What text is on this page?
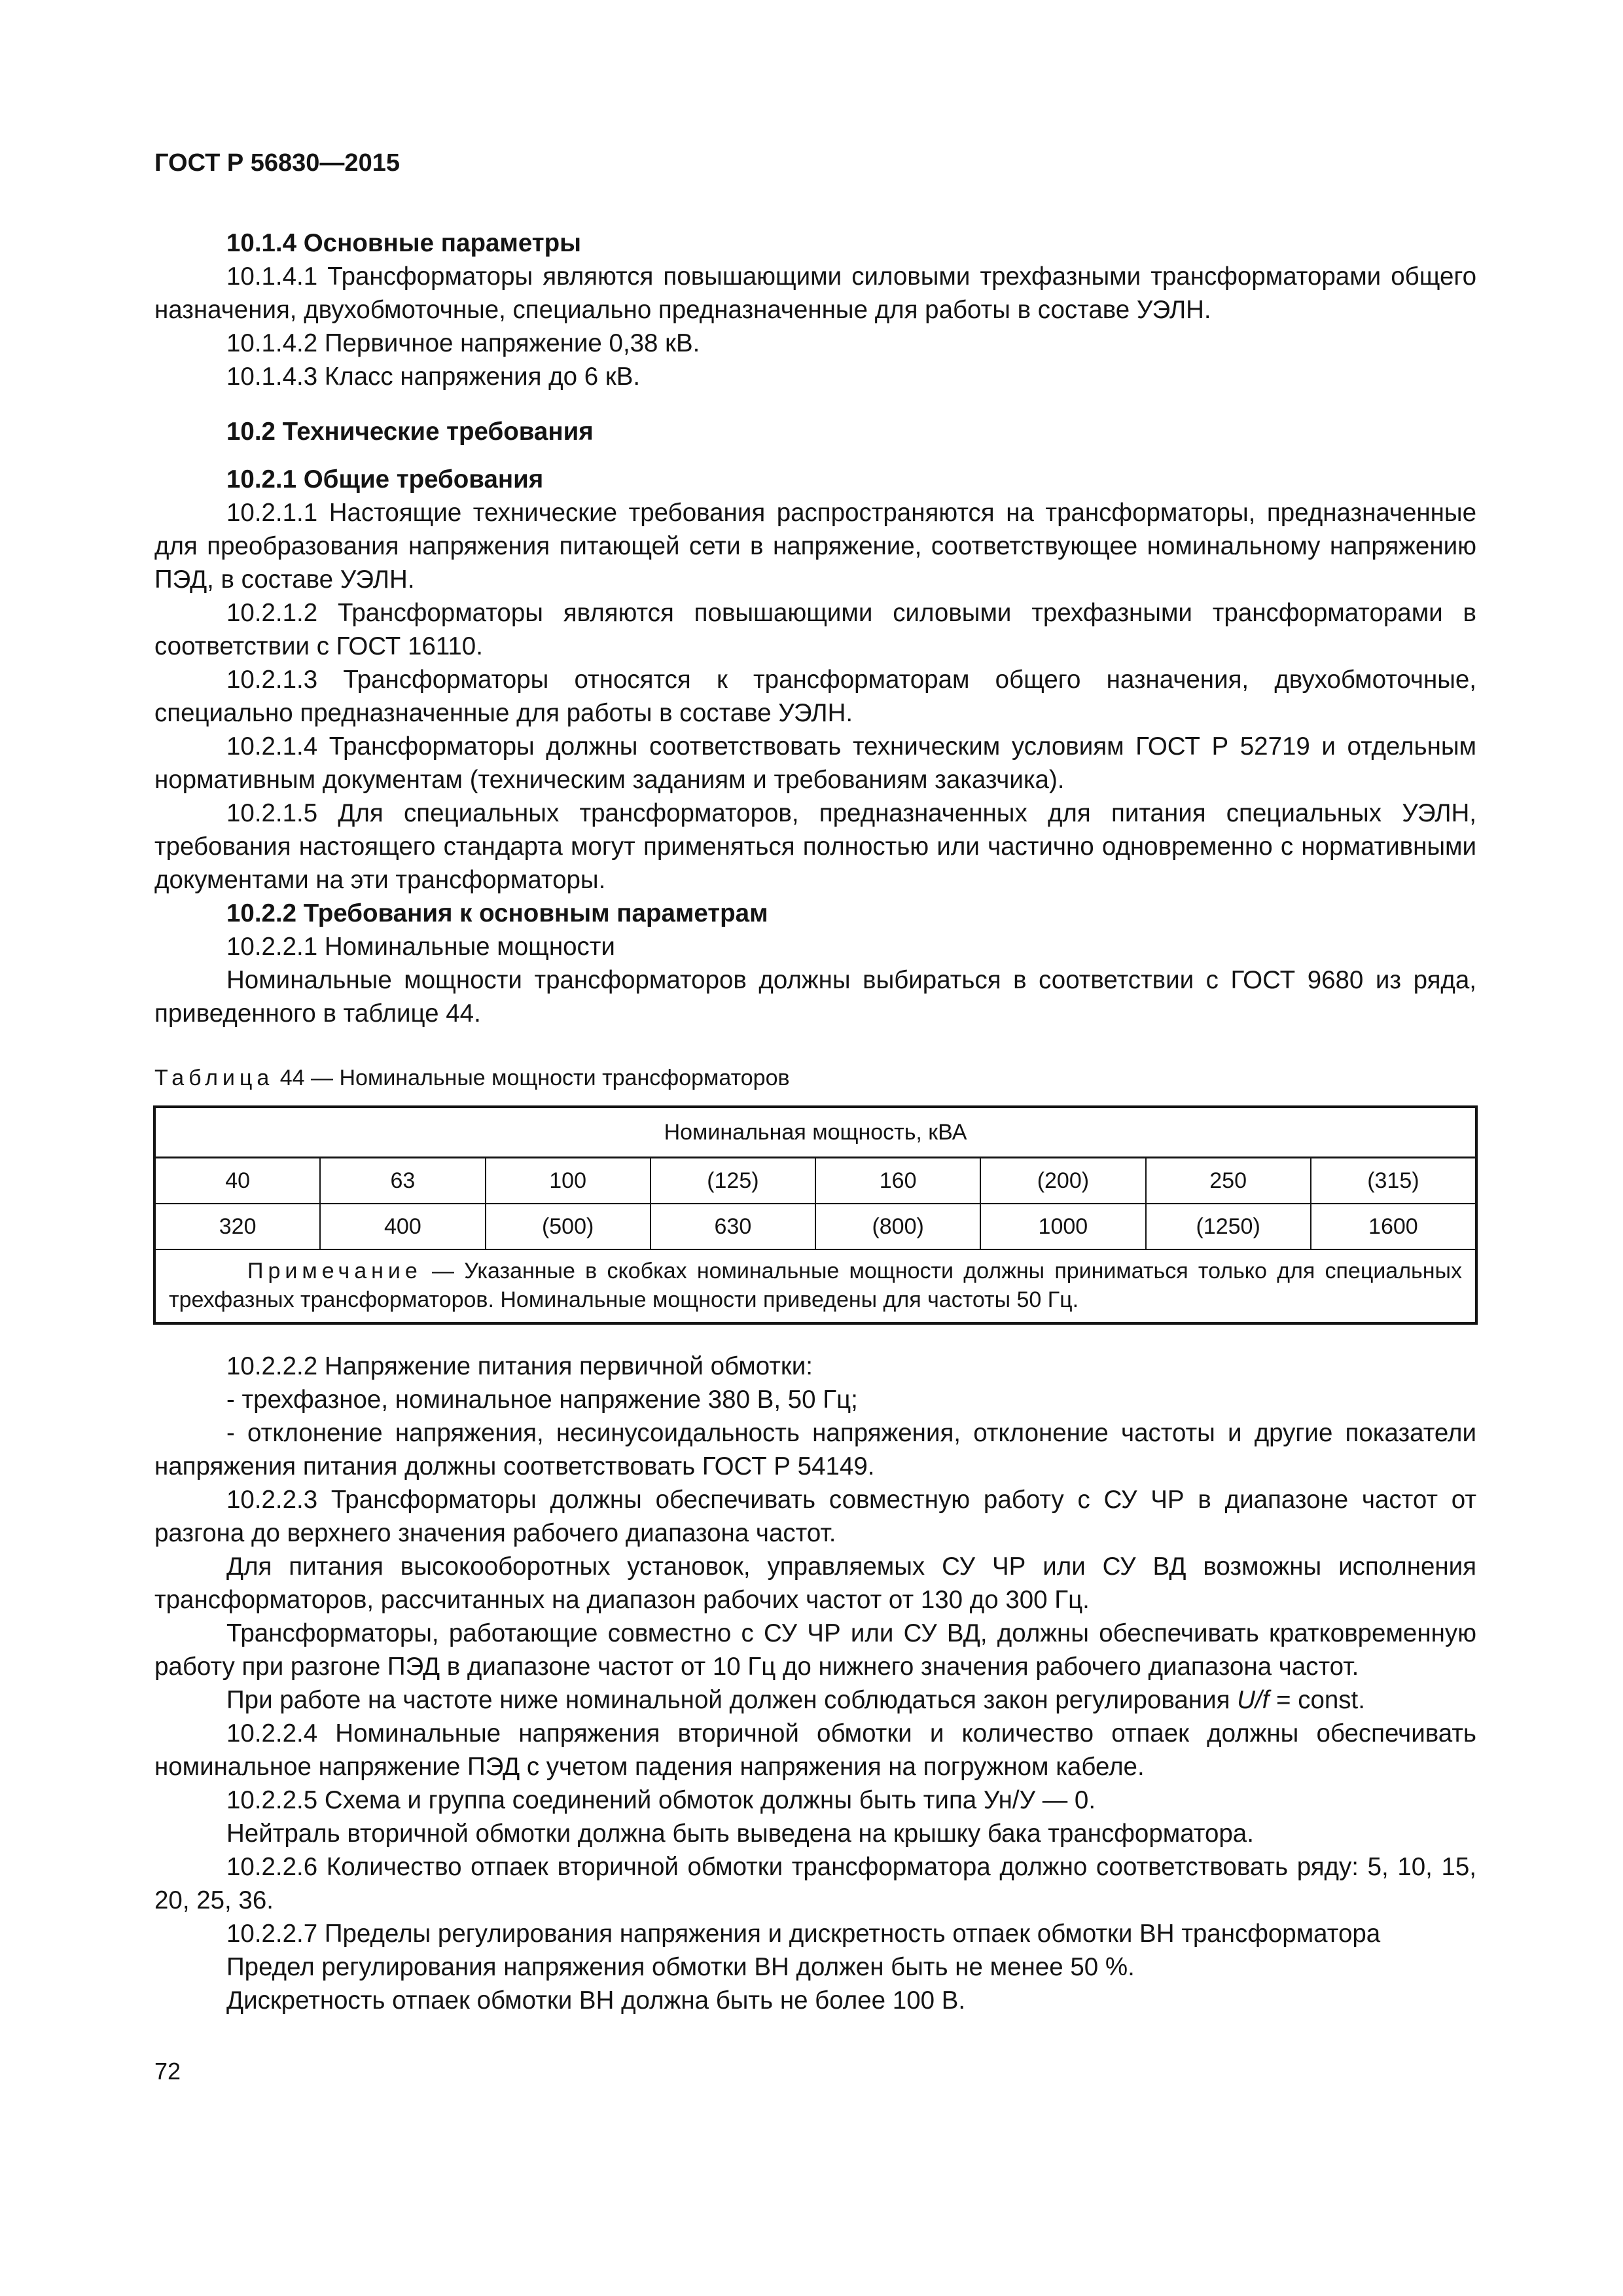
ГОСТ Р 56830—2015

10.1.4 Основные параметры

10.1.4.1 Трансформаторы являются повышающими силовыми трехфазными трансформаторами общего назначения, двухобмоточные, специально предназначенные для работы в составе УЭЛН.

10.1.4.2 Первичное напряжение 0,38 кВ.

10.1.4.3 Класс напряжения до 6 кВ.

10.2 Технические требования

10.2.1 Общие требования

10.2.1.1 Настоящие технические требования распространяются на трансформаторы, предназначенные для преобразования напряжения питающей сети в напряжение, соответствующее номинальному напряжению ПЭД, в составе УЭЛН.

10.2.1.2 Трансформаторы являются повышающими силовыми трехфазными трансформаторами в соответствии с ГОСТ 16110.

10.2.1.3 Трансформаторы относятся к трансформаторам общего назначения, двухобмоточные, специально предназначенные для работы в составе УЭЛН.

10.2.1.4 Трансформаторы должны соответствовать техническим условиям ГОСТ Р 52719 и отдельным нормативным документам (техническим заданиям и требованиям заказчика).

10.2.1.5 Для специальных трансформаторов, предназначенных для питания специальных УЭЛН, требования настоящего стандарта могут применяться полностью или частично одновременно с нормативными документами на эти трансформаторы.

10.2.2 Требования к основным параметрам

10.2.2.1 Номинальные мощности

Номинальные мощности трансформаторов должны выбираться в соответствии с ГОСТ 9680 из ряда, приведенного в таблице 44.

Таблица 44 — Номинальные мощности трансформаторов

Номинальная мощность, кВА							
40	63	100	(125)	160	(200)	250	(315)
320	400	(500)	630	(800)	1000	(1250)	1600
Примечание — Указанные в скобках номинальные мощности должны приниматься только для специальных трехфазных трансформаторов. Номинальные мощности приведены для частоты 50 Гц.							

10.2.2.2 Напряжение питания первичной обмотки:

- трехфазное, номинальное напряжение 380 В, 50 Гц;

- отклонение напряжения, несинусоидальность напряжения, отклонение частоты и другие показатели напряжения питания должны соответствовать ГОСТ Р 54149.

10.2.2.3 Трансформаторы должны обеспечивать совместную работу с СУ ЧР в диапазоне частот от разгона до верхнего значения рабочего диапазона частот.

Для питания высокооборотных установок, управляемых СУ ЧР или СУ ВД возможны исполнения трансформаторов, рассчитанных на диапазон рабочих частот от 130 до 300 Гц.

Трансформаторы, работающие совместно с СУ ЧР или СУ ВД, должны обеспечивать кратковременную работу при разгоне ПЭД в диапазоне частот от 10 Гц до нижнего значения рабочего диапазона частот.

При работе на частоте ниже номинальной должен соблюдаться закон регулирования U/f = const.

10.2.2.4 Номинальные напряжения вторичной обмотки и количество отпаек должны обеспечивать номинальное напряжение ПЭД с учетом падения напряжения на погружном кабеле.

10.2.2.5 Схема и группа соединений обмоток должны быть типа Ун/У — 0.

Нейтраль вторичной обмотки должна быть выведена на крышку бака трансформатора.

10.2.2.6 Количество отпаек вторичной обмотки трансформатора должно соответствовать ряду: 5, 10, 15, 20, 25, 36.

10.2.2.7 Пределы регулирования напряжения и дискретность отпаек обмотки ВН трансформатора

Предел регулирования напряжения обмотки ВН должен быть не менее 50 %.

Дискретность отпаек обмотки ВН должна быть не более 100 В.

72
